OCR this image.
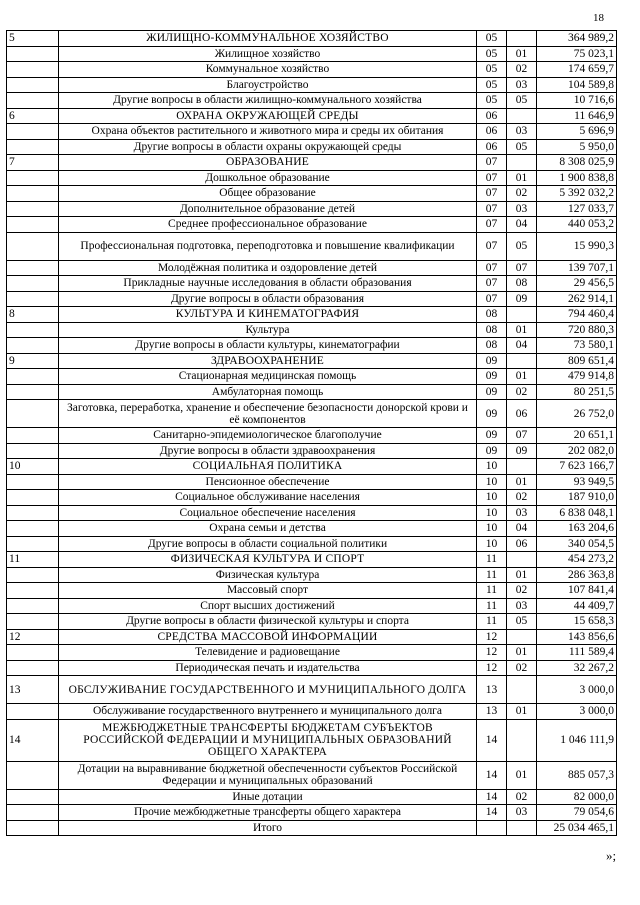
18
5	ЖИЛИЩНО-КОММУНАЛЬНОЕ ХОЗЯЙСТВО	05		364 989,2
	Жилищное хозяйство	05	01	75 023,1
	Коммунальное хозяйство	05	02	174 659,7
	Благоустройство	05	03	104 589,8
	Другие вопросы в области жилищно-коммунального хозяйства	05	05	10 716,6
6	ОХРАНА ОКРУЖАЮЩЕЙ СРЕДЫ	06		11 646,9
	Охрана объектов растительного и животного мира и среды их обитания	06	03	5 696,9
	Другие вопросы в области охраны окружающей среды	06	05	5 950,0
7	ОБРАЗОВАНИЕ	07		8 308 025,9
	Дошкольное образование	07	01	1 900 838,8
	Общее образование	07	02	5 392 032,2
	Дополнительное образование детей	07	03	127 033,7
	Среднее профессиональное образование	07	04	440 053,2
	Профессиональная подготовка, переподготовка и повышение квалификации	07	05	15 990,3
	Молодёжная политика и оздоровление детей	07	07	139 707,1
	Прикладные научные исследования в области образования	07	08	29 456,5
	Другие вопросы в области образования	07	09	262 914,1
8	КУЛЬТУРА И КИНЕМАТОГРАФИЯ	08		794 460,4
	Культура	08	01	720 880,3
	Другие вопросы в области культуры, кинематографии	08	04	73 580,1
9	ЗДРАВООХРАНЕНИЕ	09		809 651,4
	Стационарная медицинская помощь	09	01	479 914,8
	Амбулаторная помощь	09	02	80 251,5
	Заготовка, переработка, хранение и обеспечение безопасности донорской крови и её компонентов	09	06	26 752,0
	Санитарно-эпидемиологическое благополучие	09	07	20 651,1
	Другие вопросы в области здравоохранения	09	09	202 082,0
10	СОЦИАЛЬНАЯ ПОЛИТИКА	10		7 623 166,7
	Пенсионное обеспечение	10	01	93 949,5
	Социальное обслуживание населения	10	02	187 910,0
	Социальное обеспечение населения	10	03	6 838 048,1
	Охрана семьи и детства	10	04	163 204,6
	Другие вопросы в области социальной политики	10	06	340 054,5
11	ФИЗИЧЕСКАЯ КУЛЬТУРА И СПОРТ	11		454 273,2
	Физическая культура	11	01	286 363,8
	Массовый спорт	11	02	107 841,4
	Спорт высших достижений	11	03	44 409,7
	Другие вопросы в области физической культуры и спорта	11	05	15 658,3
12	СРЕДСТВА МАССОВОЙ ИНФОРМАЦИИ	12		143 856,6
	Телевидение и радиовещание	12	01	111 589,4
	Периодическая печать и издательства	12	02	32 267,2
13	ОБСЛУЖИВАНИЕ ГОСУДАРСТВЕННОГО И МУНИЦИПАЛЬНОГО ДОЛГА	13		3 000,0
	Обслуживание государственного внутреннего и муниципального долга	13	01	3 000,0
14	МЕЖБЮДЖЕТНЫЕ ТРАНСФЕРТЫ БЮДЖЕТАМ СУБЪЕКТОВ РОССИЙСКОЙ ФЕДЕРАЦИИ И МУНИЦИПАЛЬНЫХ ОБРАЗОВАНИЙ ОБЩЕГО ХАРАКТЕРА	14		1 046 111,9
	Дотации на выравнивание бюджетной обеспеченности субъектов Российской Федерации и муниципальных образований	14	01	885 057,3
	Иные дотации	14	02	82 000,0
	Прочие межбюджетные трансферты общего характера	14	03	79 054,6
	Итого			25 034 465,1
»;
